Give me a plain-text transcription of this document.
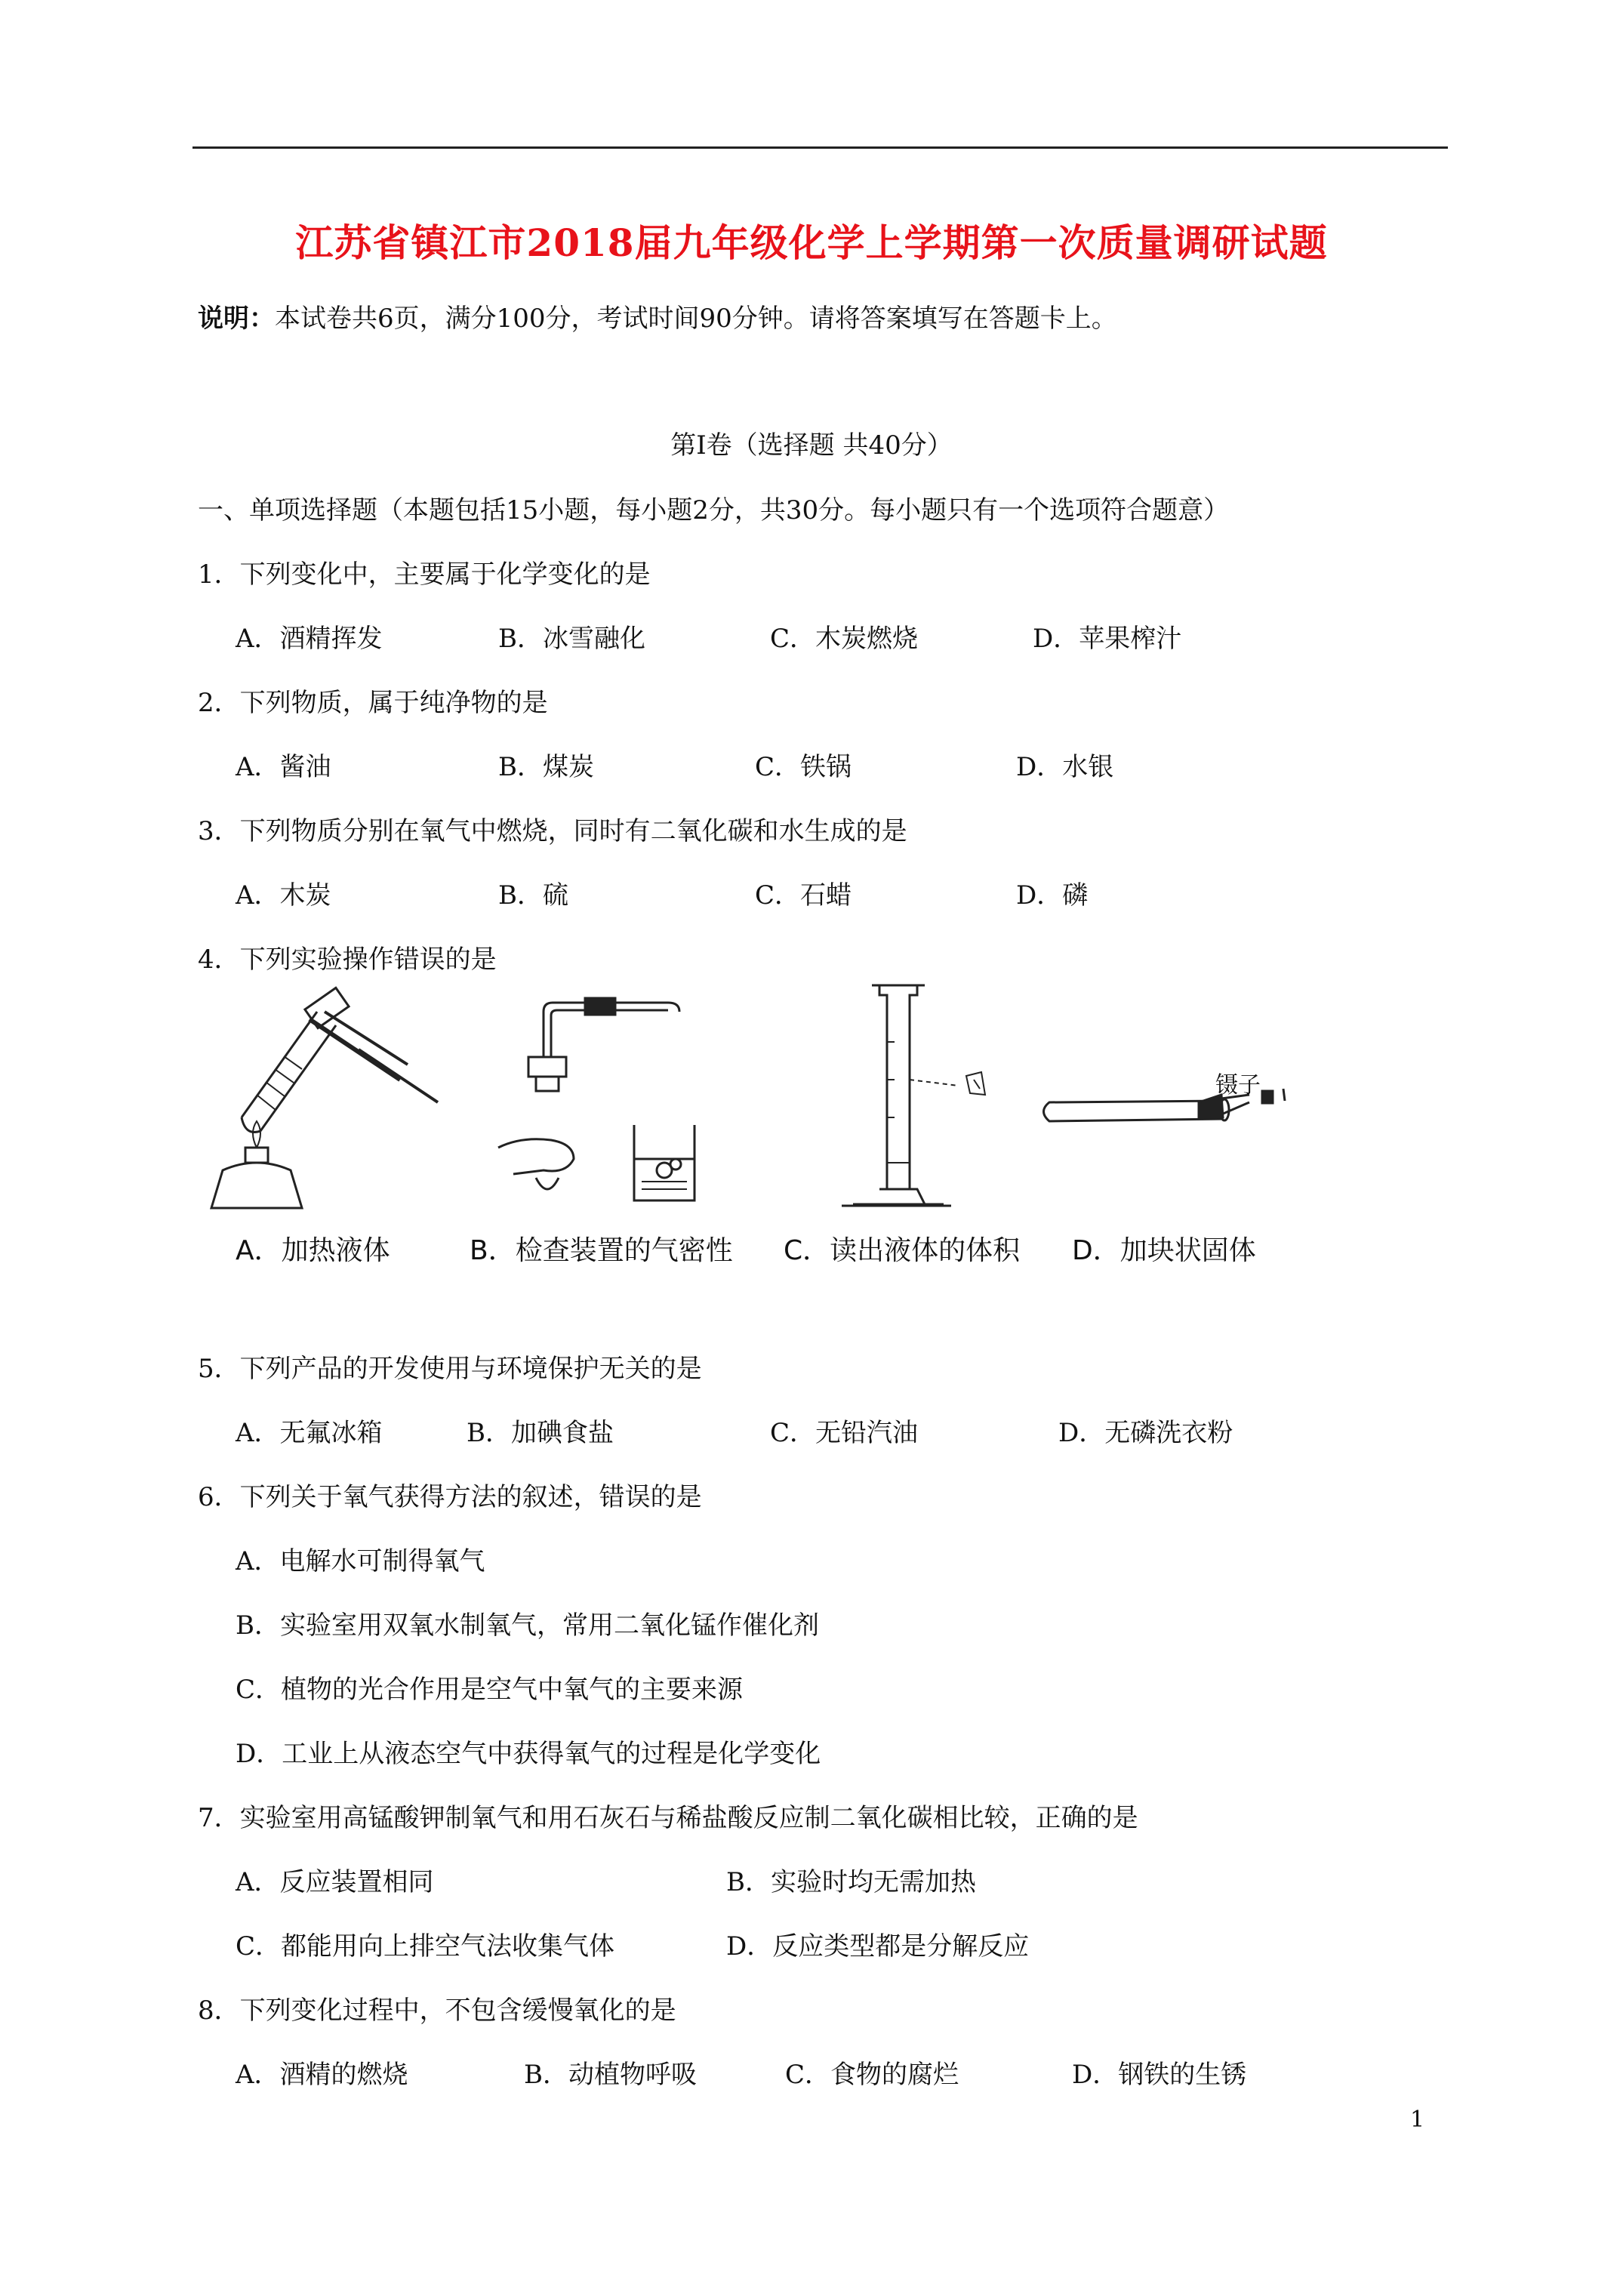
江苏省镇江市2018届九年级化学上学期第一次质量调研试题
说明：本试卷共6页，满分100分，考试时间90分钟。请将答案填写在答题卡上。
第Ⅰ卷（选择题 共40分）
一、单项选择题（本题包括15小题，每小题2分，共30分。每小题只有一个选项符合题意）
1．下列变化中，主要属于化学变化的是
A．酒精挥发	B．冰雪融化	C．木炭燃烧	D．苹果榨汁
2．下列物质，属于纯净物的是
A．酱油	B．煤炭	C．铁锅	D．水银
3．下列物质分别在氧气中燃烧，同时有二氧化碳和水生成的是
A．木炭	B．硫	C．石蜡	D．磷
4．下列实验操作错误的是
镊子
A．加热液体	B．检查装置的气密性 C．读出液体的体积 D．加块状固体
5．下列产品的开发使用与环境保护无关的是
A．无氟冰箱	B．加碘食盐	C．无铅汽油	D．无磷洗衣粉
6．下列关于氧气获得方法的叙述，错误的是
A．电解水可制得氧气
B．实验室用双氧水制氧气，常用二氧化锰作催化剂
C．植物的光合作用是空气中氧气的主要来源
D．工业上从液态空气中获得氧气的过程是化学变化
7．实验室用高锰酸钾制氧气和用石灰石与稀盐酸反应制二氧化碳相比较，正确的是
A．反应装置相同	B．实验时均无需加热
C．都能用向上排空气法收集气体	D．反应类型都是分解反应
8．下列变化过程中，不包含缓慢氧化的是
A．酒精的燃烧	B．动植物呼吸	C．食物的腐烂	D．钢铁的生锈
1
